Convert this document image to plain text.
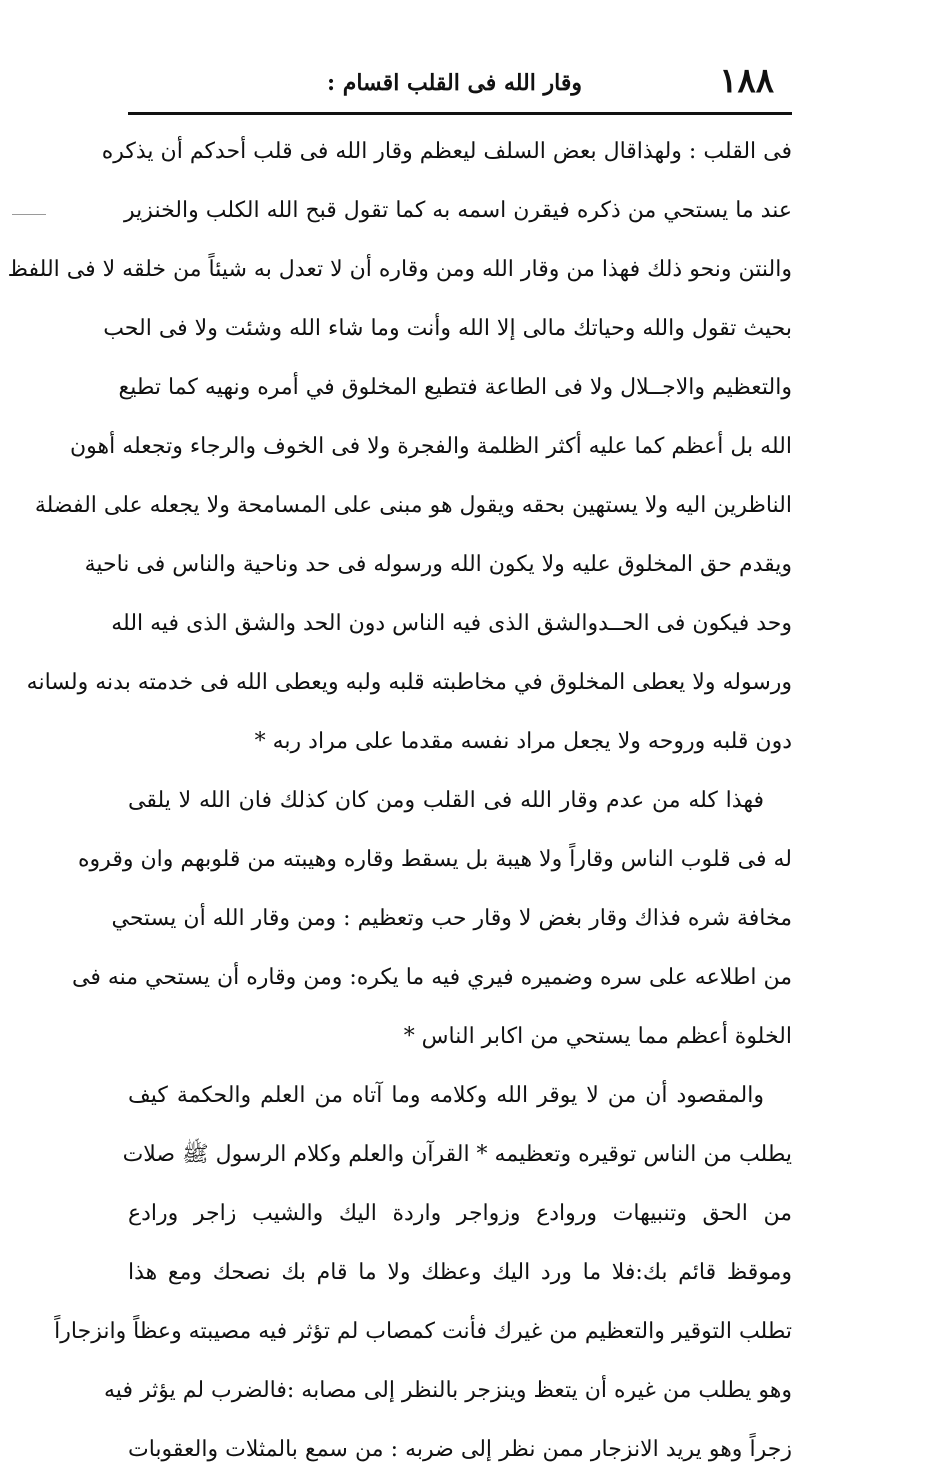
١٨٨
وقار الله فى القلب اقسام :
فى القلب : ولهذاقال بعض السلف ليعظم وقار الله فى قلب أحدكم أن يذكره
عند ما يستحي من ذكره فيقرن اسمه به كما تقول قبح الله الكلب والخنزير
والنتن ونحو ذلك فهذا من وقار الله ومن وقاره أن لا تعدل به شيئاً من خلقه لا فى اللفظ
بحيث تقول والله وحياتك مالى إلا الله وأنت وما شاء الله وشئت ولا فى الحب
والتعظيم والاجــلال ولا فى الطاعة فتطيع المخلوق في أمره ونهيه كما تطيع
الله بل أعظم كما عليه أكثر الظلمة والفجرة ولا فى الخوف والرجاء وتجعله أهون
الناظرين اليه ولا يستهين بحقه ويقول هو مبنى على المسامحة ولا يجعله على الفضلة
ويقدم حق المخلوق عليه ولا يكون الله ورسوله فى حد وناحية والناس فى ناحية
وحد فيكون فى الحــدوالشق الذى فيه الناس دون الحد والشق الذى فيه الله
ورسوله ولا يعطى المخلوق في مخاطبته قلبه ولبه ويعطى الله فى خدمته بدنه ولسانه
دون قلبه وروحه ولا يجعل مراد نفسه مقدما على مراد ربه *
فهذا كله من عدم وقار الله فى القلب ومن كان كذلك فان الله لا يلقى
له فى قلوب الناس وقاراً ولا هيبة بل يسقط وقاره وهيبته من قلوبهم وان وقروه
مخافة شره فذاك وقار بغض لا وقار حب وتعظيم : ومن وقار الله أن يستحي
من اطلاعه على سره وضميره فيري فيه ما يكره: ومن وقاره أن يستحي منه فى
الخلوة أعظم مما يستحي من اكابر الناس *
والمقصود أن من لا يوقر الله وكلامه وما آتاه من العلم والحكمة كيف
يطلب من الناس توقيره وتعظيمه * القرآن والعلم وكلام الرسول ﷺ صلات
من الحق وتنبيهات وروادع وزواجر واردة اليك والشيب زاجر ورادع
وموقظ قائم بك:فلا ما ورد اليك وعظك ولا ما قام بك نصحك ومع هذا
تطلب التوقير والتعظيم من غيرك فأنت كمصاب لم تؤثر فيه مصيبته وعظاً وانزجاراً
وهو يطلب من غيره أن يتعظ وينزجر بالنظر إلى مصابه :فالضرب لم يؤثر فيه
زجراً وهو يريد الانزجار ممن نظر إلى ضربه : من سمع بالمثلات والعقوبات
